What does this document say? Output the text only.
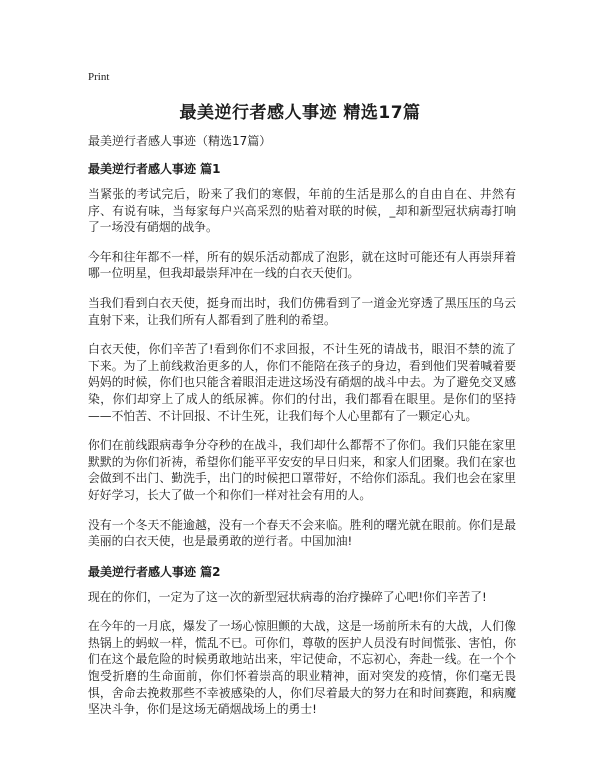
Print
最美逆行者感人事迹 精选17篇
最美逆行者感人事迹（精选17篇）
最美逆行者感人事迹 篇1

当紧张的考试完后，盼来了我们的寒假，年前的生活是那么的自由自在、井然有序、有说有味，当每家每户兴高采烈的贴着对联的时候，_却和新型冠状病毒打响了一场没有硝烟的战争。

今年和往年都不一样，所有的娱乐活动都成了泡影，就在这时可能还有人再崇拜着哪一位明星，但我却最崇拜冲在一线的白衣天使们。

当我们看到白衣天使，挺身而出时，我们仿佛看到了一道金光穿透了黑压压的乌云直射下来，让我们所有人都看到了胜利的希望。

白衣天使，你们辛苦了!看到你们不求回报，不计生死的请战书，眼泪不禁的流了下来。为了上前线救治更多的人，你们不能陪在孩子的身边，看到他们哭着喊着要妈妈的时候，你们也只能含着眼泪走进这场没有硝烟的战斗中去。为了避免交叉感染，你们却穿上了成人的纸尿裤。你们的付出，我们都看在眼里。是你们的坚持——不怕苦、不计回报、不计生死，让我们每个人心里都有了一颗定心丸。

你们在前线跟病毒争分夺秒的在战斗，我们却什么都帮不了你们。我们只能在家里默默的为你们祈祷，希望你们能平平安安的早日归来，和家人们团聚。我们在家也会做到不出门、勤洗手，出门的时候把口罩带好，不给你们添乱。我们也会在家里好好学习，长大了做一个和你们一样对社会有用的人。

没有一个冬天不能逾越，没有一个春天不会来临。胜利的曙光就在眼前。你们是最美丽的白衣天使，也是最勇敢的逆行者。中国加油!

最美逆行者感人事迹 篇2

现在的你们，一定为了这一次的新型冠状病毒的治疗操碎了心吧!你们辛苦了!

在今年的一月底，爆发了一场心惊胆颤的大战，这是一场前所未有的大战，人们像热锅上的蚂蚁一样，慌乱不已。可你们，尊敬的医护人员没有时间慌张、害怕，你们在这个最危险的时候勇敢地站出来，牢记使命，不忘初心，奔赴一线。在一个个饱受折磨的生命面前，你们怀着崇高的职业精神，面对突发的疫情，你们毫无畏惧，舍命去挽救那些不幸被感染的人，你们尽着最大的努力在和时间赛跑，和病魔坚决斗争，你们是这场无硝烟战场上的勇士!
